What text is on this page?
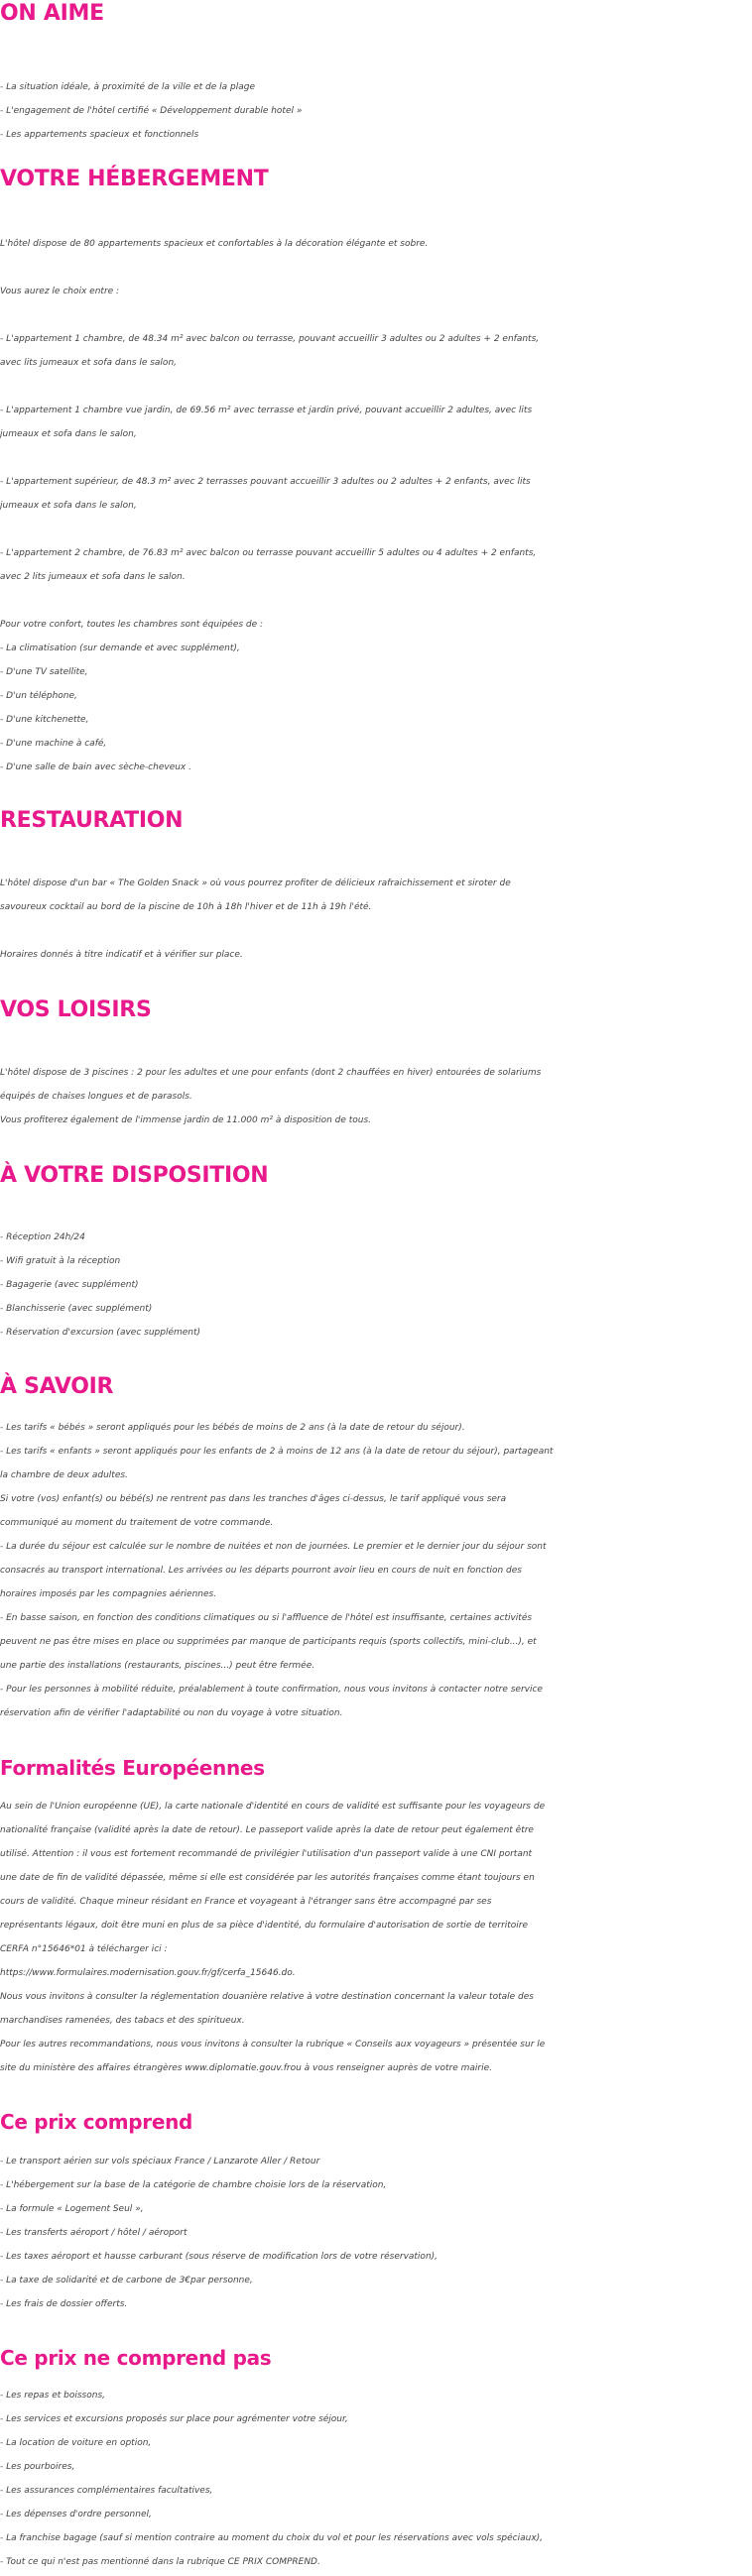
ON AIME
- La situation idéale, à proximité de la ville et de la plage
- L'engagement de l'hôtel certifié « Développement durable hotel »
- Les appartements spacieux et fonctionnels
VOTRE HÉBERGEMENT
L'hôtel dispose de 80 appartements spacieux et confortables à la décoration élégante et sobre.
Vous aurez le choix entre :
- L'appartement 1 chambre, de 48.34 m² avec balcon ou terrasse, pouvant accueillir 3 adultes ou 2 adultes + 2 enfants,
avec lits jumeaux et sofa dans le salon,
- L'appartement 1 chambre vue jardin, de 69.56 m² avec terrasse et jardin privé, pouvant accueillir 2 adultes, avec lits
jumeaux et sofa dans le salon,
- L'appartement supérieur, de 48.3 m² avec 2 terrasses pouvant accueillir 3 adultes ou 2 adultes + 2 enfants, avec lits
jumeaux et sofa dans le salon,
- L'appartement 2 chambre, de 76.83 m² avec balcon ou terrasse pouvant accueillir 5 adultes ou 4 adultes + 2 enfants,
avec 2 lits jumeaux et sofa dans le salon.
Pour votre confort, toutes les chambres sont équipées de :
- La climatisation (sur demande et avec supplément),
- D'une TV satellite,
- D'un téléphone,
- D'une kitchenette,
- D'une machine à café,
- D'une salle de bain avec sèche-cheveux .
RESTAURATION
L'hôtel dispose d'un bar « The Golden Snack » où vous pourrez profiter de délicieux rafraichissement et siroter de
savoureux cocktail au bord de la piscine de 10h à 18h l'hiver et de 11h à 19h l'été.
Horaires donnés à titre indicatif et à vérifier sur place.
VOS LOISIRS
L'hôtel dispose de 3 piscines : 2 pour les adultes et une pour enfants (dont 2 chauffées en hiver) entourées de solariums
équipés de chaises longues et de parasols.
Vous profiterez également de l'immense jardin de 11.000 m² à disposition de tous.
À VOTRE DISPOSITION
- Réception 24h/24
- Wifi gratuit à la réception
- Bagagerie (avec supplément)
- Blanchisserie (avec supplément)
- Réservation d'excursion (avec supplément)
À SAVOIR
- Les tarifs « bébés » seront appliqués pour les bébés de moins de 2 ans (à la date de retour du séjour).
- Les tarifs « enfants » seront appliqués pour les enfants de 2 à moins de 12 ans (à la date de retour du séjour), partageant
la chambre de deux adultes.
Si votre (vos) enfant(s) ou bébé(s) ne rentrent pas dans les tranches d'âges ci-dessus, le tarif appliqué vous sera
communiqué au moment du traitement de votre commande.
- La durée du séjour est calculée sur le nombre de nuitées et non de journées. Le premier et le dernier jour du séjour sont
consacrés au transport international. Les arrivées ou les départs pourront avoir lieu en cours de nuit en fonction des
horaires imposés par les compagnies aériennes.
- En basse saison, en fonction des conditions climatiques ou si l'affluence de l'hôtel est insuffisante, certaines activités
peuvent ne pas être mises en place ou supprimées par manque de participants requis (sports collectifs, mini-club...), et
une partie des installations (restaurants, piscines...) peut être fermée.
- Pour les personnes à mobilité réduite, préalablement à toute confirmation, nous vous invitons à contacter notre service
réservation afin de vérifier l'adaptabilité ou non du voyage à votre situation.
Formalités Européennes
Au sein de l'Union européenne (UE), la carte nationale d'identité en cours de validité est suffisante pour les voyageurs de
nationalité française (validité après la date de retour). Le passeport valide après la date de retour peut également être
utilisé. Attention : il vous est fortement recommandé de privilégier l'utilisation d'un passeport valide à une CNI portant
une date de fin de validité dépassée, même si elle est considérée par les autorités françaises comme étant toujours en
cours de validité. Chaque mineur résidant en France et voyageant à l'étranger sans être accompagné par ses
représentants légaux, doit être muni en plus de sa pièce d'identité, du formulaire d'autorisation de sortie de territoire
CERFA n°15646*01 à télécharger ici :
https://www.formulaires.modernisation.gouv.fr/gf/cerfa_15646.do.
Nous vous invitons à consulter la réglementation douanière relative à votre destination concernant la valeur totale des
marchandises ramenées, des tabacs et des spiritueux.
Pour les autres recommandations, nous vous invitons à consulter la rubrique « Conseils aux voyageurs » présentée sur le
site du ministère des affaires étrangères www.diplomatie.gouv.frou à vous renseigner auprès de votre mairie.
Ce prix comprend
- Le transport aérien sur vols spéciaux France / Lanzarote Aller / Retour
- L'hébergement sur la base de la catégorie de chambre choisie lors de la réservation,
- La formule « Logement Seul »,
- Les transferts aéroport / hôtel / aéroport
- Les taxes aéroport et hausse carburant (sous réserve de modification lors de votre réservation),
- La taxe de solidarité et de carbone de 3€par personne,
- Les frais de dossier offerts.
Ce prix ne comprend pas
- Les repas et boissons,
- Les services et excursions proposés sur place pour agrémenter votre séjour,
- La location de voiture en option,
- Les pourboires,
- Les assurances complémentaires facultatives,
- Les dépenses d'ordre personnel,
- La franchise bagage (sauf si mention contraire au moment du choix du vol et pour les réservations avec vols spéciaux),
- Tout ce qui n'est pas mentionné dans la rubrique CE PRIX COMPREND.
